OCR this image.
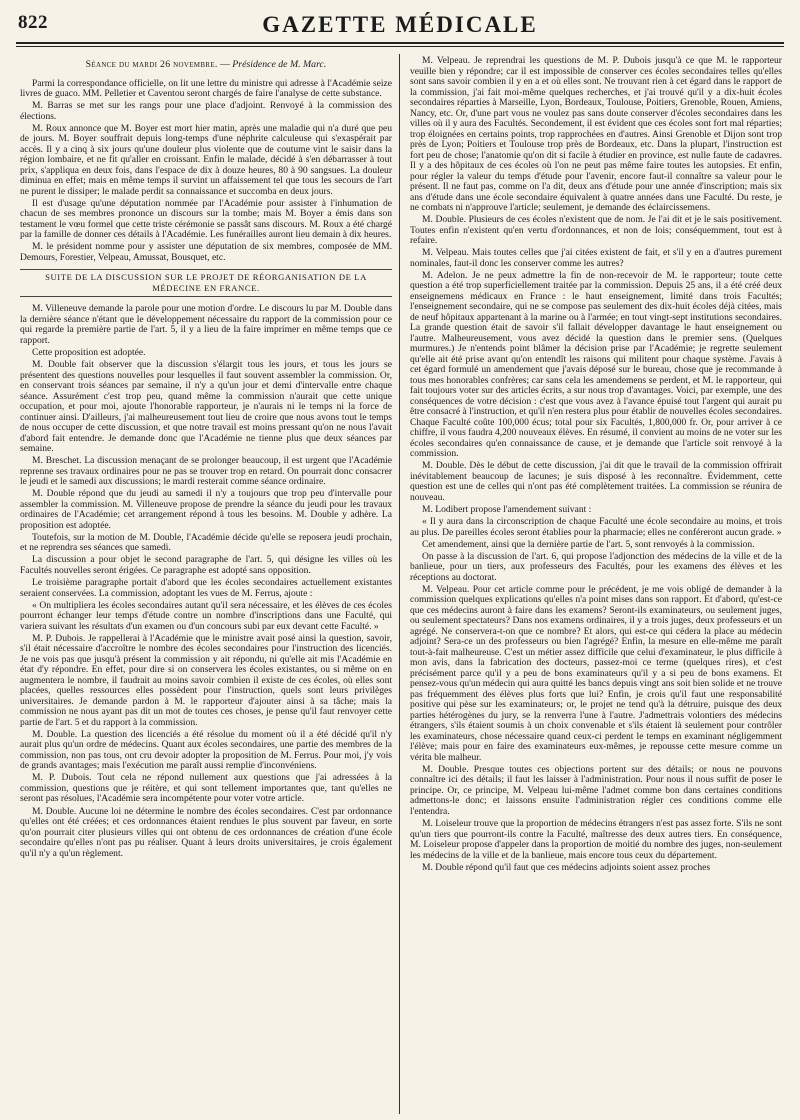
822	GAZETTE MÉDICALE
Séance du mardi 26 novembre. — Présidence de M. Marc.

Parmi la correspondance officielle, on lit une lettre du ministre qui adresse à l'Académie seize livres de guaco. MM. Pelletier et Caventou seront chargés de faire l'analyse de cette substance.

M. Barras se met sur les rangs pour une place d'adjoint. Renvoyé à la commission des élections.

M. Roux annonce que M. Boyer est mort hier matin, après une maladie qui n'a duré que peu de jours. M. Boyer souffrait depuis long-temps d'une néphrite calculeuse qui s'exaspérait par accès. Il y a cinq à six jours qu'une douleur plus violente que de coutume vint le saisir dans la région lombaire, et ne fit qu'aller en croissant. Enfin le malade, décidé à s'en débarrasser à tout prix, s'appliqua en deux fois, dans l'espace de dix à douze heures, 80 à 90 sangsues. La douleur diminua en effet; mais en même temps il survint un affaissement tel que tous les secours de l'art ne purent le dissiper; le malade perdit sa connaissance et succomba en deux jours.

Il est d'usage qu'une députation nommée par l'Académie pour assister à l'inhumation de chacun de ses membres prononce un discours sur la tombe; mais M. Boyer a émis dans son testament le vœu formel que cette triste cérémonie se passât sans discours. M. Roux a été chargé par la famille de donner ces détails à l'Académie. Les funérailles auront lieu demain à dix heures.

M. le président nomme pour y assister une députation de six membres, composée de MM. Demours, Forestier, Velpeau, Amussat, Bousquet, etc.

SUITE DE LA DISCUSSION SUR LE PROJET DE RÉORGANISATION DE LA MÉDECINE EN FRANCE.

M. Villeneuve demande la parole pour une motion d'ordre. Le discours lu par M. Double dans la dernière séance n'étant que le développement nécessaire du rapport de la commission pour ce qui regarde la première partie de l'art. 5, il y a lieu de la faire imprimer en même temps que ce rapport.

Cette proposition est adoptée.

M. Double fait observer que la discussion s'élargit tous les jours, et tous les jours se présentent des questions nouvelles pour lesquelles il faut souvent assembler la commission. Or, en conservant trois séances par semaine, il n'y a qu'un jour et demi d'intervalle entre chaque séance. Assurément c'est trop peu, quand même la commission n'aurait que cette unique occupation, et pour moi, ajoute l'honorable rapporteur, je n'aurais ni le temps ni la force de continuer ainsi. D'ailleurs, j'ai malheureusement tout lieu de croire que nous avons tout le temps de nous occuper de cette discussion, et que notre travail est moins pressant qu'on ne nous l'avait d'abord fait entendre. Je demande donc que l'Académie ne tienne plus que deux séances par semaine.

M. Breschet. La discussion menaçant de se prolonger beaucoup, il est urgent que l'Académie reprenne ses travaux ordinaires pour ne pas se trouver trop en retard. On pourrait donc consacrer le jeudi et le samedi aux discussions; le mardi resterait comme séance ordinaire.

M. Double répond que du jeudi au samedi il n'y a toujours que trop peu d'intervalle pour assembler la commission. M. Villeneuve propose de prendre la séance du jeudi pour les travaux ordinaires de l'Académie; cet arrangement répond à tous les besoins. M. Double y adhère. La proposition est adoptée.

Toutefois, sur la motion de M. Double, l'Académie décide qu'elle se reposera jeudi prochain, et ne reprendra ses séances que samedi.

La discussion a pour objet le second paragraphe de l'art. 5, qui désigne les villes où les Facultés nouvelles seront érigées. Ce paragraphe est adopté sans opposition.

Le troisième paragraphe portait d'abord que les écoles secondaires actuellement existantes seraient conservées. La commission, adoptant les vues de M. Ferrus, ajoute :

« On multipliera les écoles secondaires autant qu'il sera nécessaire, et les élèves de ces écoles pourront échanger leur temps d'étude contre un nombre d'inscriptions dans une Faculté, qui variera suivant les résultats d'un examen ou d'un concours subi par eux devant cette Faculté. »

M. P. Dubois. Je rappellerai à l'Académie que le ministre avait posé ainsi la question, savoir, s'il était nécessaire d'accroître le nombre des écoles secondaires pour l'instruction des licenciés. Je ne vois pas que jusqu'à présent la commission y ait répondu, ni qu'elle ait mis l'Académie en état d'y répondre. En effet, pour dire si on conservera les écoles existantes, ou si même on en augmentera le nombre, il faudrait au moins savoir combien il existe de ces écoles, où elles sont placées, quelles ressources elles possèdent pour l'instruction, quels sont leurs privilèges universitaires. Je demande pardon à M. le rapporteur d'ajouter ainsi à sa tâche; mais la commission ne nous ayant pas dit un mot de toutes ces choses, je pense qu'il faut renvoyer cette partie de l'art. 5 et du rapport à la commission.

M. Double. La question des licenciés a été résolue du moment où il a été décidé qu'il n'y aurait plus qu'un ordre de médecins. Quant aux écoles secondaires, une partie des membres de la commission, non pas tous, ont cru devoir adopter la proposition de M. Ferrus. Pour moi, j'y vois de grands avantages; mais l'exécution me paraît aussi remplie d'inconvéniens.

M. P. Dubois. Tout cela ne répond nullement aux questions que j'ai adressées à la commission, questions que je réitère, et qui sont tellement importantes que, tant qu'elles ne seront pas résolues, l'Académie sera incompétente pour voter votre article.

M. Double. Aucune loi ne détermine le nombre des écoles secondaires. C'est par ordonnance qu'elles ont été créées; et ces ordonnances étaient rendues le plus souvent par faveur, en sorte qu'on pourrait citer plusieurs villes qui ont obtenu de ces ordonnances de création d'une école secondaire qu'elles n'ont pas pu réaliser. Quant à leurs droits universitaires, je crois également qu'il n'y a qu'un règlement.

M. Velpeau. Je reprendrai les questions de M. P. Dubois jusqu'à ce que M. le rapporteur veuille bien y répondre; car il est impossible de conserver ces écoles secondaires telles qu'elles sont sans savoir combien il y en a et où elles sont. Ne trouvant rien à cet égard dans le rapport de la commission, j'ai fait moi-même quelques recherches, et j'ai trouvé qu'il y a dix-huit écoles secondaires réparties à Marseille, Lyon, Bordeaux, Toulouse, Poitiers, Grenoble, Rouen, Amiens, Nancy, etc. Or, d'une part vous ne voulez pas sans doute conserver d'écoles secondaires dans les villes où il y aura des Facultés. Secondement, il est évident que ces écoles sont fort mal réparties; trop éloignées en certains points, trop rapprochées en d'autres. Ainsi Grenoble et Dijon sont trop près de Lyon; Poitiers et Toulouse trop près de Bordeaux, etc. Dans la plupart, l'instruction est fort peu de chose; l'anatomie qu'on dit si facile à étudier en province, est nulle faute de cadavres. Il y a des hôpitaux de ces écoles où l'on ne peut pas même faire toutes les autopsies. Et enfin, pour régler la valeur du temps d'étude pour l'avenir, encore faut-il connaître sa valeur pour le présent. Il ne faut pas, comme on l'a dit, deux ans d'étude pour une année d'inscription; mais six ans d'étude dans une école secondaire équivalent à quatre années dans une Faculté. Du reste, je ne combats ni n'approuve l'article; seulement, je demande des éclaircissemens.

M. Double. Plusieurs de ces écoles n'existent que de nom. Je l'ai dit et je le sais positivement. Toutes enfin n'existent qu'en vertu d'ordonnances, et non de lois; conséquemment, tout est à refaire.

M. Velpeau. Mais toutes celles que j'ai citées existent de fait, et s'il y en a d'autres purement nominales, faut-il donc les conserver comme les autres?

M. Adelon. Je ne peux admettre la fin de non-recevoir de M. le rapporteur; toute cette question a été trop superficiellement traitée par la commission. Depuis 25 ans, il a été créé deux enseignemens médicaux en France : le haut enseignement, limité dans trois Facultés; l'enseignement secondaire, qui ne se compose pas seulement des dix-huit écoles déjà citées, mais de neuf hôpitaux appartenant à la marine ou à l'armée; en tout vingt-sept institutions secondaires. La grande question était de savoir s'il fallait développer davantage le haut enseignement ou l'autre. Malheureusement, vous avez décidé la question dans le premier sens. (Quelques murmures.) Je n'entends point blâmer la décision prise par l'Académie; je regrette seulement qu'elle ait été prise avant qu'on entendît les raisons qui militent pour chaque système. J'avais à cet égard formulé un amendement que j'avais déposé sur le bureau, chose que je recommande à tous mes honorables confrères; car sans cela les amendemens se perdent, et M. le rapporteur, qui fait toujours voter sur des articles écrits, a sur nous trop d'avantages. Voici, par exemple, une des conséquences de votre décision : c'est que vous avez à l'avance épuisé tout l'argent qui aurait pu être consacré à l'instruction, et qu'il n'en restera plus pour établir de nouvelles écoles secondaires. Chaque Faculté coûte 100,000 écus; total pour six Facultés, 1,800,000 fr. Or, pour arriver à ce chiffre, il vous faudra 4,200 nouveaux élèves. En résumé, il convient au moins de ne voter sur les écoles secondaires qu'en connaissance de cause, et je demande que l'article soit renvoyé à la commission.

M. Double. Dès le début de cette discussion, j'ai dit que le travail de la commission offrirait inévitablement beaucoup de lacunes; je suis disposé à les reconnaître. Évidemment, cette question est une de celles qui n'ont pas été complètement traitées. La commission se réunira de nouveau.

M. Lodibert propose l'amendement suivant :

« Il y aura dans la circonscription de chaque Faculté une école secondaire au moins, et trois au plus. De pareilles écoles seront établies pour la pharmacie; elles ne conféreront aucun grade. »

Cet amendement, ainsi que la dernière partie de l'art. 5, sont renvoyés à la commission.

On passe à la discussion de l'art. 6, qui propose l'adjonction des médecins de la ville et de la banlieue, pour un tiers, aux professeurs des Facultés, pour les examens des élèves et les réceptions au doctorat.

M. Velpeau. Pour cet article comme pour le précédent, je me vois obligé de demander à la commission quelques explications qu'elles n'a point mises dans son rapport. Et d'abord, qu'est-ce que ces médecins auront à faire dans les examens? Seront-ils examinateurs, ou seulement juges, ou seulement spectateurs? Dans nos examens ordinaires, il y a trois juges, deux professeurs et un agrégé. Ne conservera-t-on que ce nombre? Et alors, qui est-ce qui cédera la place au médecin adjoint? Sera-ce un des professeurs ou bien l'agrégé? Enfin, la mesure en elle-même me paraît tout-à-fait malheureuse. C'est un métier assez difficile que celui d'examinateur, le plus difficile à mon avis, dans la fabrication des docteurs, passez-moi ce terme (quelques rires), et c'est précisément parce qu'il y a peu de bons examinateurs qu'il y a si peu de bons examens. Et pensez-vous qu'un médecin qui aura quitté les bancs depuis vingt ans soit bien solide et ne trouve pas fréquemment des élèves plus forts que lui? Enfin, je crois qu'il faut une responsabilité positive qui pèse sur les examinateurs; or, le projet ne tend qu'à la détruire, puisque des deux parties hétérogènes du jury, se la renverra l'une à l'autre. J'admettrais volontiers des médecins étrangers, s'ils étaient soumis à un choix convenable et s'ils étaient là seulement pour contrôler les examinateurs, chose nécessaire quand ceux-ci perdent le temps en examinant négligemment l'élève; mais pour en faire des examinateurs eux-mêmes, je repousse cette mesure comme un vérita ble malheur.

M. Double. Presque toutes ces objections portent sur des détails; or nous ne pouvons connaître ici des détails; il faut les laisser à l'administration. Pour nous il nous suffit de poser le principe. Or, ce principe, M. Velpeau lui-même l'admet comme bon dans certaines conditions admettons-le donc; et laissons ensuite l'administration régler ces conditions comme elle l'entendra.

M. Loiseleur trouve que la proportion de médecins étrangers n'est pas assez forte. S'ils ne sont qu'un tiers que pourront-ils contre la Faculté, maîtresse des deux autres tiers. En conséquence, M. Loiseleur propose d'appeler dans la proportion de moitié du nombre des juges, non-seulement les médecins de la ville et de la banlieue, mais encore tous ceux du département.

M. Double répond qu'il faut que ces médecins adjoints soient assez proches
